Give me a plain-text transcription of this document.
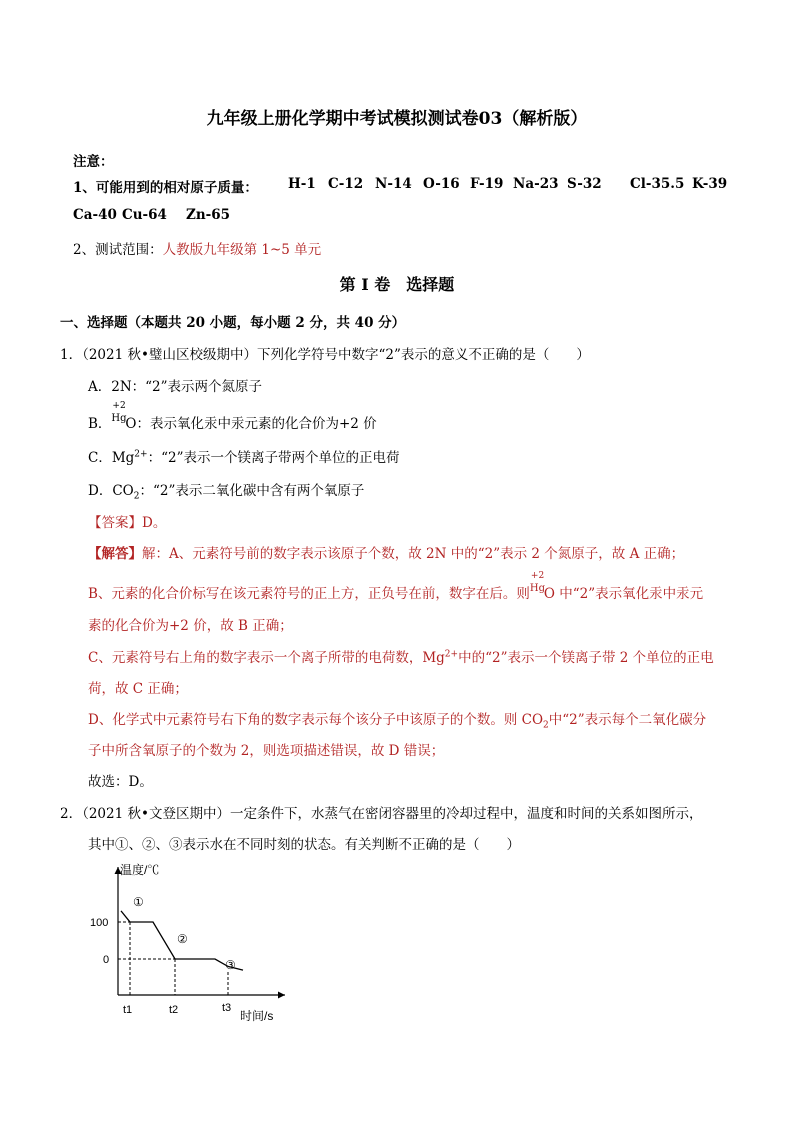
九年级上册化学期中考试模拟测试卷03（解析版）
注意：
1、可能用到的相对原子质量： H-1 C-12 N-14 O-16 F-19 Na-23 S-32 Cl-35.5 K-39
Ca-40 Cu-64 Zn-65
2、测试范围：人教版九年级第 1~5 单元
第 I 卷　选择题
一、选择题（本题共 20 小题，每小题 2 分，共 40 分）
1．（2021 秋•璧山区校级期中）下列化学符号中数字“2”表示的意义不正确的是（　　）
A．2N：“2”表示两个氮原子
B．
+2
Hg
O：表示氧化汞中汞元素的化合价为+2 价
C．$Mg^{2+}$：“2”表示一个镁离子带两个单位的正电荷
D．$CO_2$：“2”表示二氧化碳中含有两个氧原子
【答案】D。
【解答】解：A、元素符号前的数字表示该原子个数，故 2N 中的“2”表示 2 个氮原子，故 A 正确；
B、元素的化合价标写在该元素符号的正上方，正负号在前，数字在后。则
+2
Hg
O 中“2”表示氧化汞中汞元
素的化合价为+2 价，故 B 正确；
C、元素符号右上角的数字表示一个离子所带的电荷数，$Mg^{2+}$中的“2”表示一个镁离子带 2 个单位的正电
荷，故 C 正确；
D、化学式中元素符号右下角的数字表示每个该分子中该原子的个数。则 $CO_2$中“2”表示每个二氧化碳分
子中所含氧原子的个数为 2，则选项描述错误，故 D 错误；
故选：D。
2．（2021 秋•文登区期中）一定条件下，水蒸气在密闭容器里的冷却过程中，温度和时间的关系如图所示，
其中①、②、③表示水在不同时刻的状态。有关判断不正确的是（　　）
①
②
③
温度/℃
时间/s
100
0
t1	t2	t3
